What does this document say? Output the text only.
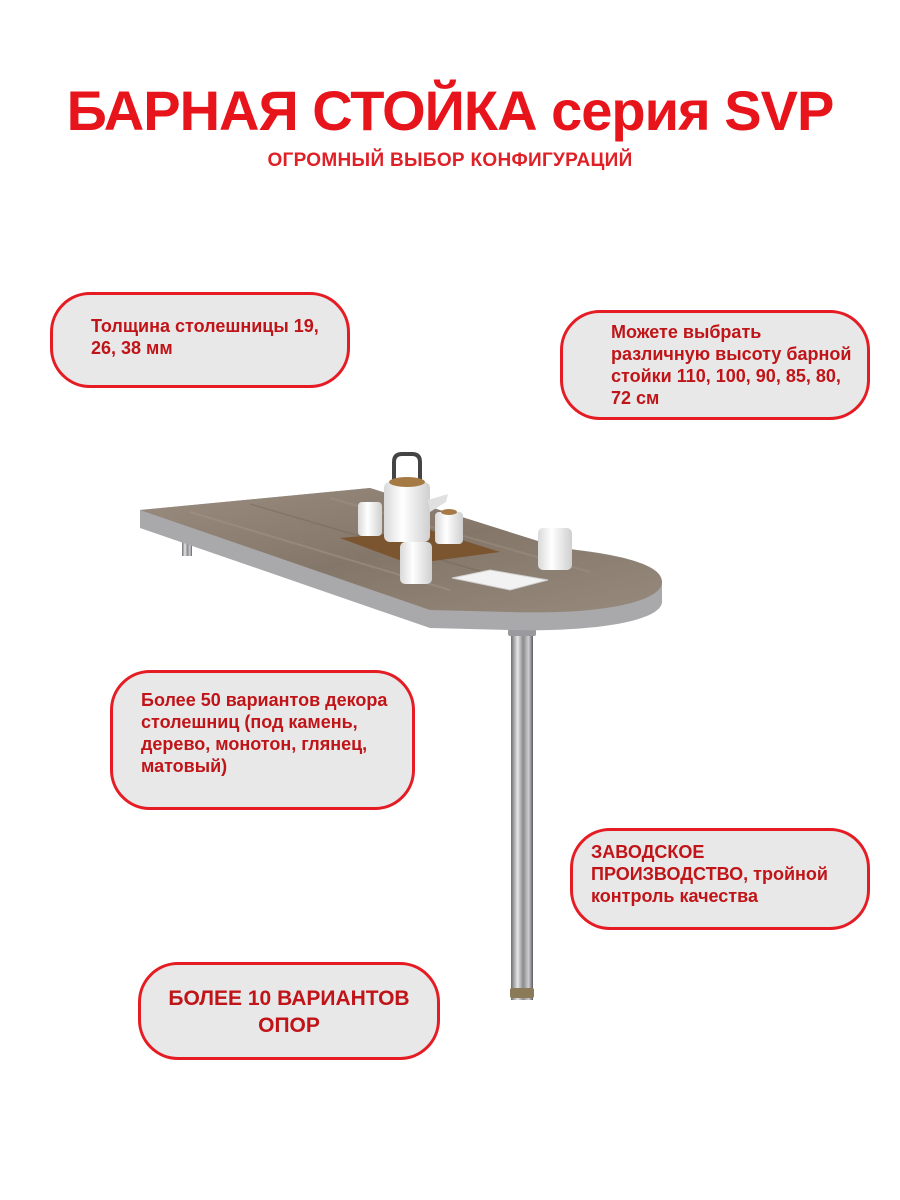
БАРНАЯ СТОЙКА серия SVP
ОГРОМНЫЙ ВЫБОР КОНФИГУРАЦИЙ
Толщина столешницы 19, 26, 38 мм
Можете выбрать различную высоту барной стойки 110, 100, 90, 85, 80, 72 см
Более 50 вариантов декора столешниц (под камень, дерево, монотон, глянец, матовый)
ЗАВОДСКОЕ ПРОИЗВОДСТВО, тройной контроль качества
БОЛЕЕ 10 ВАРИАНТОВ ОПОР
